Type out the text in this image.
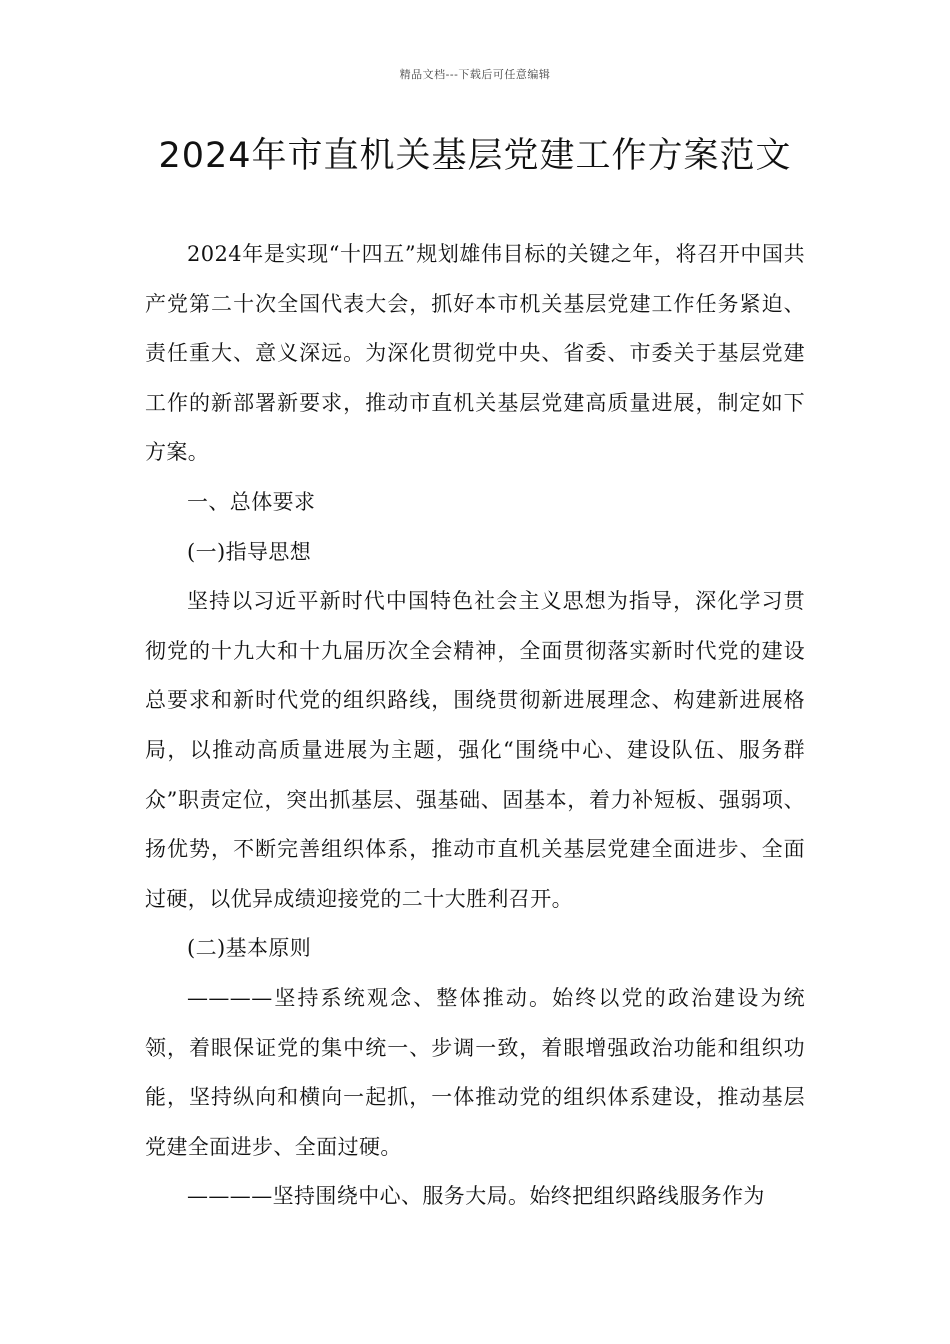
精品文档---下载后可任意编辑
2024年市直机关基层党建工作方案范文

2024年是实现“十四五”规划雄伟目标的关键之年，将召开中国共产党第二十次全国代表大会，抓好本市机关基层党建工作任务紧迫、责任重大、意义深远。为深化贯彻党中央、省委、市委关于基层党建工作的新部署新要求，推动市直机关基层党建高质量进展，制定如下方案。

一、总体要求

(一)指导思想

坚持以习近平新时代中国特色社会主义思想为指导，深化学习贯彻党的十九大和十九届历次全会精神，全面贯彻落实新时代党的建设总要求和新时代党的组织路线，围绕贯彻新进展理念、构建新进展格局，以推动高质量进展为主题，强化“围绕中心、建设队伍、服务群众”职责定位，突出抓基层、强基础、固基本，着力补短板、强弱项、扬优势，不断完善组织体系，推动市直机关基层党建全面进步、全面过硬，以优异成绩迎接党的二十大胜利召开。

(二)基本原则

————坚持系统观念、整体推动。始终以党的政治建设为统领，着眼保证党的集中统一、步调一致，着眼增强政治功能和组织功能，坚持纵向和横向一起抓，一体推动党的组织体系建设，推动基层党建全面进步、全面过硬。

————坚持围绕中心、服务大局。始终把组织路线服务作为
